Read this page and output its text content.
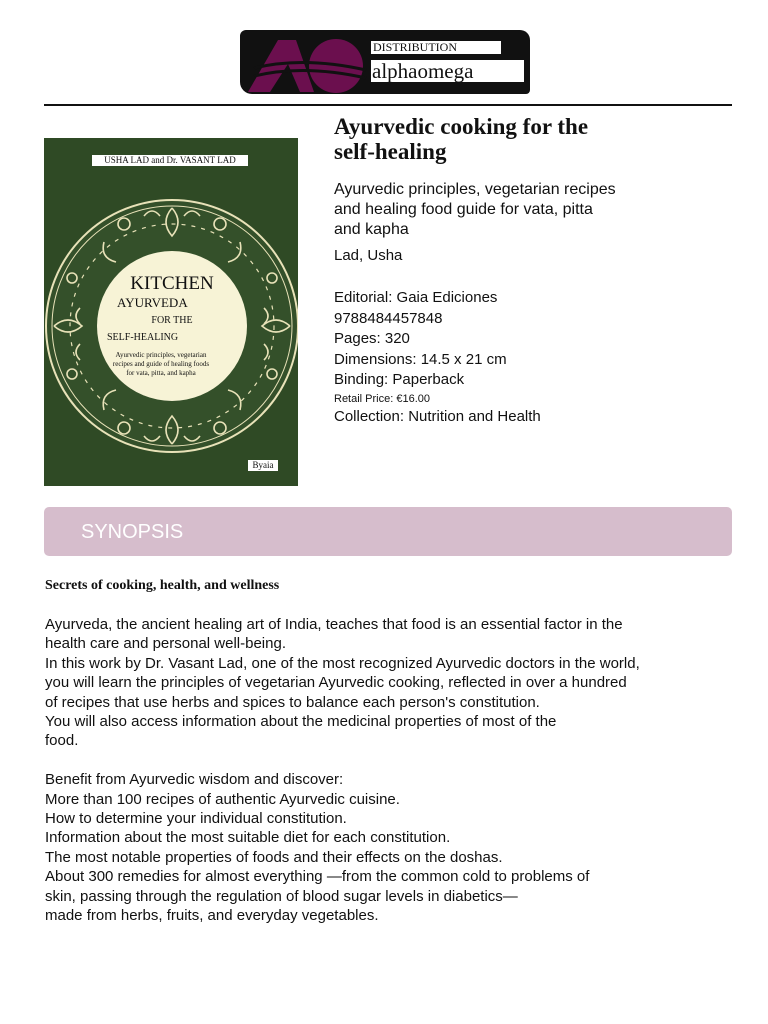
DISTRIBUTION
alphaomega
USHA LAD and Dr. VASANT LAD
KITCHEN
AYURVEDA
FOR THE
SELF-HEALING
Ayurvedic principles, vegetarian recipes and guide of healing foods for vata, pitta, and kapha
Byaia
Ayurvedic cooking for the
self-healing
Ayurvedic principles, vegetarian recipes
and healing food guide for vata, pitta
and kapha
Lad, Usha
Editorial: Gaia Ediciones
9788484457848
Pages: 320
Dimensions: 14.5 x 21 cm
Binding: Paperback
Retail Price: €16.00
Collection: Nutrition and Health
SYNOPSIS
Secrets of cooking, health, and wellness
Ayurveda, the ancient healing art of India, teaches that food is an essential factor in the
health care and personal well-being.
In this work by Dr. Vasant Lad, one of the most recognized Ayurvedic doctors in the world,
you will learn the principles of vegetarian Ayurvedic cooking, reflected in over a hundred
of recipes that use herbs and spices to balance each person's constitution.
You will also access information about the medicinal properties of most of the
food.
Benefit from Ayurvedic wisdom and discover:
More than 100 recipes of authentic Ayurvedic cuisine.
How to determine your individual constitution.
Information about the most suitable diet for each constitution.
The most notable properties of foods and their effects on the doshas.
About 300 remedies for almost everything —from the common cold to problems of
skin, passing through the regulation of blood sugar levels in diabetics—
made from herbs, fruits, and everyday vegetables.
